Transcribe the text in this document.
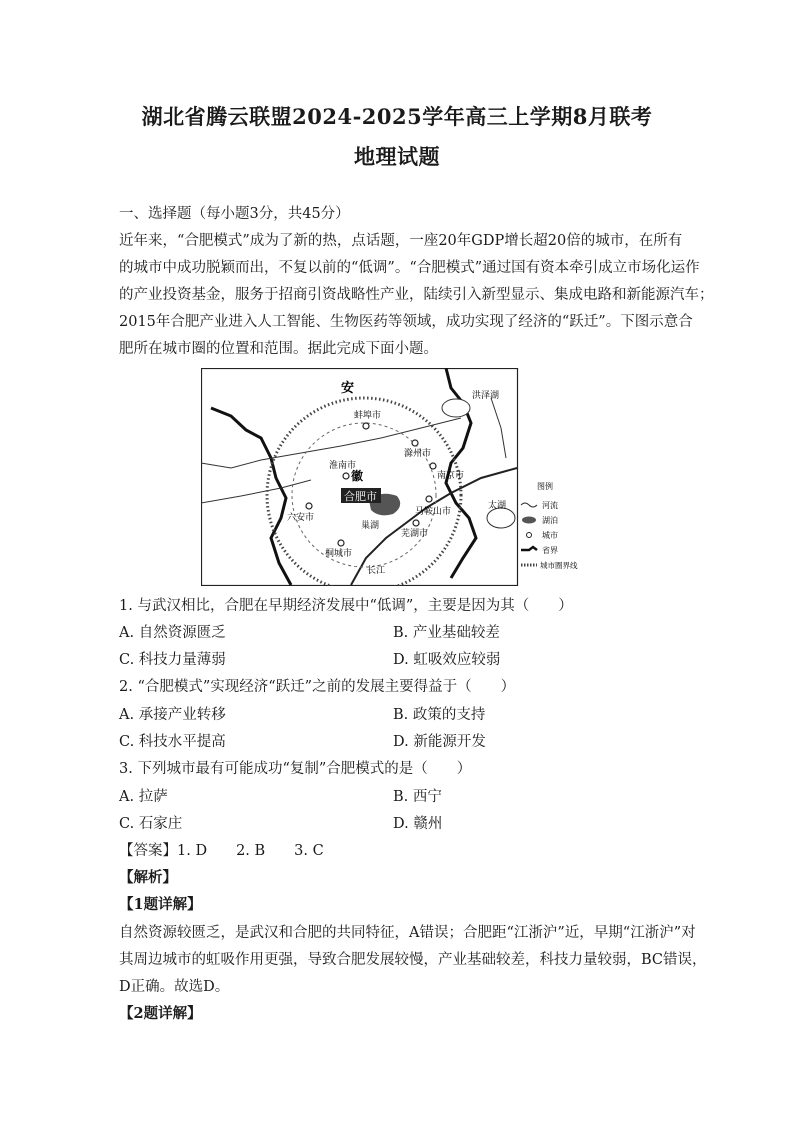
湖北省腾云联盟2024-2025学年高三上学期8月联考
地理试题
一、选择题（每小题3分，共45分）
近年来，“合肥模式”成为了新的热，点话题，一座20年GDP增长超20倍的城市，在所有
的城市中成功脱颖而出，不复以前的“低调”。“合肥模式”通过国有资本牵引成立市场化运作
的产业投资基金，服务于招商引资战略性产业，陆续引入新型显示、集成电路和新能源汽车；
2015年合肥产业进入人工智能、生物医药等领域，成功实现了经济的“跃迁”。下图示意合
肥所在城市圈的位置和范围。据此完成下面小题。
安
徽
洪泽湖
蚌埠市
淮南市
滁州市
合肥市
南京市
六安市
马鞍山市
芜湖市
桐城市
巢湖
太湖
长江
图例
河流
湖泊
城市
省界
城市圈界线
1. 与武汉相比，合肥在早期经济发展中“低调”，主要是因为其（　　）
A. 自然资源匮乏	B. 产业基础较差
C. 科技力量薄弱	D. 虹吸效应较弱
2. “合肥模式”实现经济“跃迁”之前的发展主要得益于（　　）
A. 承接产业转移	B. 政策的支持
C. 科技水平提高	D. 新能源开发
3. 下列城市最有可能成功“复制”合肥模式的是（　　）
A. 拉萨	B. 西宁
C. 石家庄	D. 赣州
【答案】1. D　　2. B　　3. C
【解析】
【1题详解】
自然资源较匮乏，是武汉和合肥的共同特征，A错误；合肥距“江浙沪”近，早期“江浙沪”对
其周边城市的虹吸作用更强，导致合肥发展较慢，产业基础较差，科技力量较弱，BC错误，
D正确。故选D。
【2题详解】
